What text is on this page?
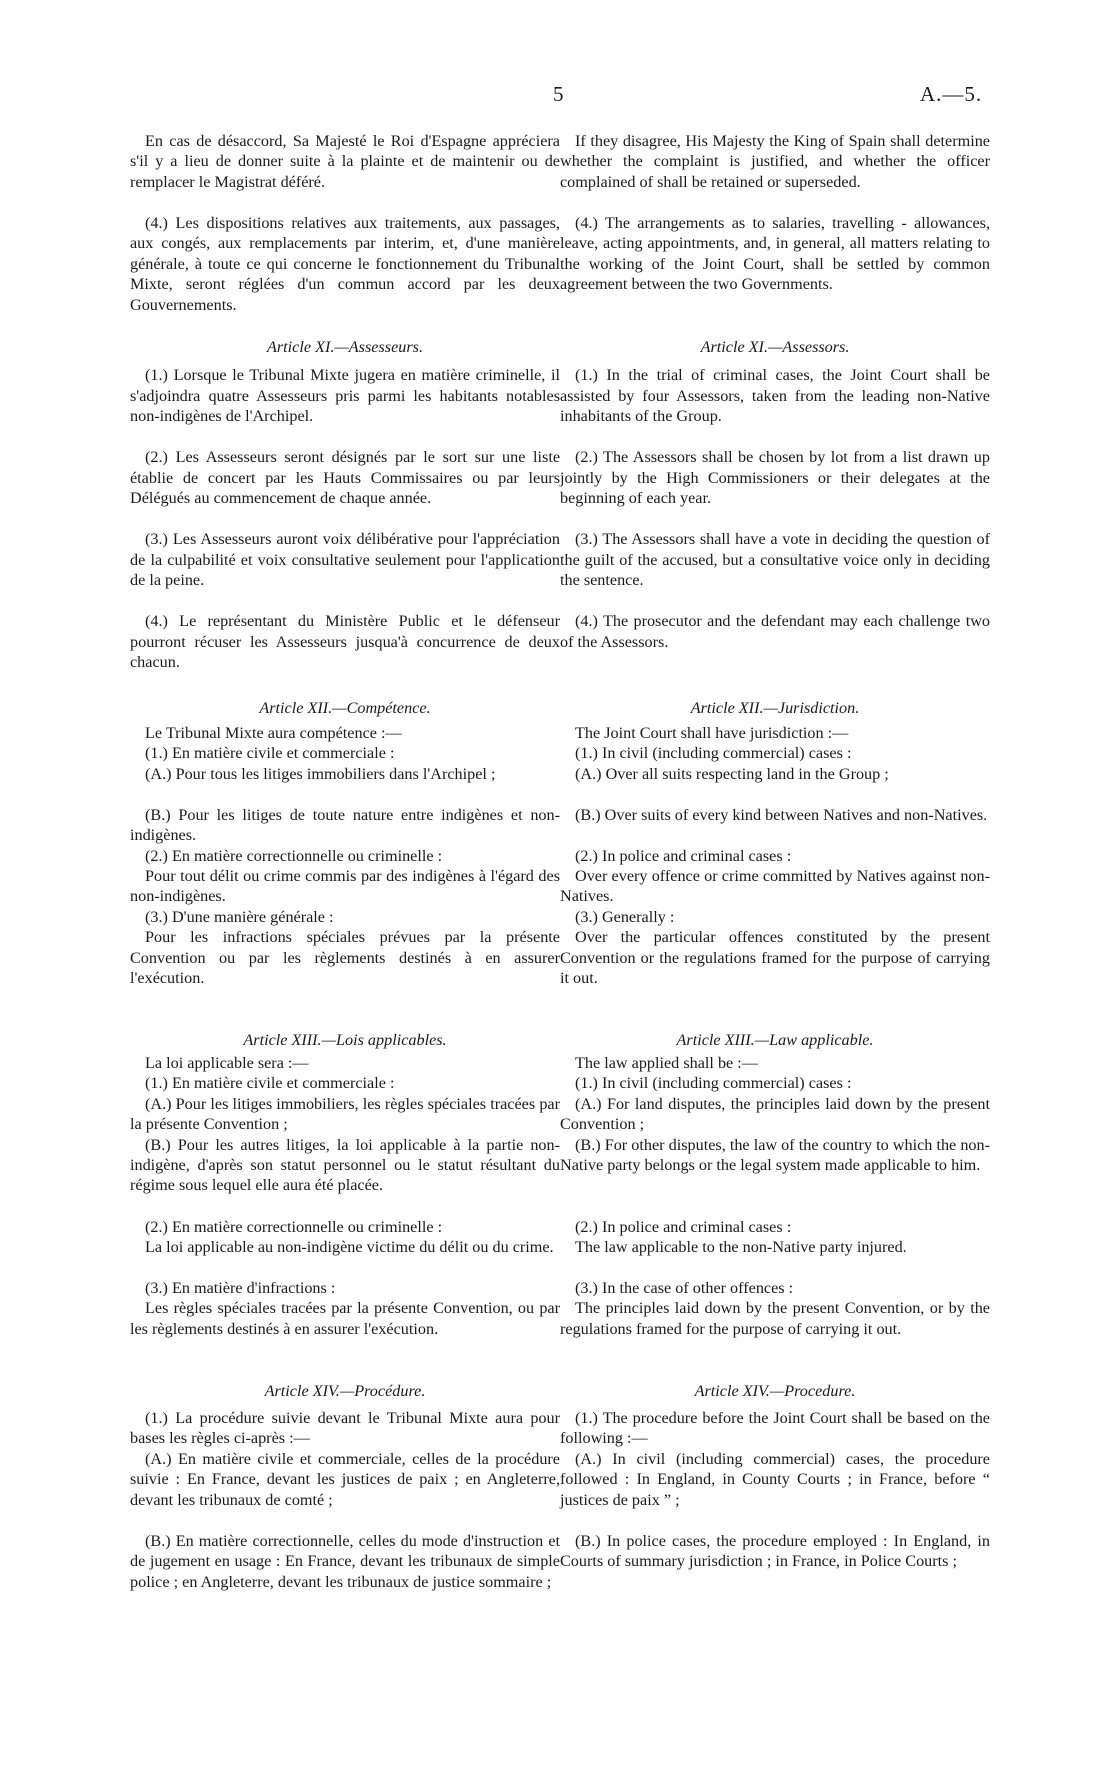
5	A.—5.

En cas de désaccord, Sa Majesté le Roi d'Espagne appréciera s'il y a lieu de donner suite à la plainte et de maintenir ou de remplacer le Magistrat déféré.

(4.) Les dispositions relatives aux traitements, aux passages, aux congés, aux remplacements par interim, et, d'une manière générale, à toute ce qui concerne le fonctionnement du Tribunal Mixte, seront réglées d'un commun accord par les deux Gouvernements.

Article XI.—Assesseurs.

(1.) Lorsque le Tribunal Mixte jugera en matière criminelle, il s'adjoindra quatre Assesseurs pris parmi les habitants notables non-indigènes de l'Archipel.

(2.) Les Assesseurs seront désignés par le sort sur une liste établie de concert par les Hauts Commissaires ou par leurs Délégués au commencement de chaque année.

(3.) Les Assesseurs auront voix délibérative pour l'appréciation de la culpabilité et voix consultative seulement pour l'application de la peine.

(4.) Le représentant du Ministère Public et le défenseur pourront récuser les Assesseurs jusqua'à concurrence de deux chacun.

Article XII.—Compétence.

Le Tribunal Mixte aura compétence :—

(1.) En matière civile et commerciale :

(A.) Pour tous les litiges immobiliers dans l'Archipel ;

(B.) Pour les litiges de toute nature entre indigènes et non-indigènes.

(2.) En matière correctionnelle ou criminelle :

Pour tout délit ou crime commis par des indigènes à l'égard des non-indigènes.

(3.) D'une manière générale :

Pour les infractions spéciales prévues par la présente Convention ou par les règlements destinés à en assurer l'exécution.

Article XIII.—Lois applicables.

La loi applicable sera :—

(1.) En matière civile et commerciale :

(A.) Pour les litiges immobiliers, les règles spéciales tracées par la présente Convention ;

(B.) Pour les autres litiges, la loi applicable à la partie non-indigène, d'après son statut personnel ou le statut résultant du régime sous lequel elle aura été placée.

(2.) En matière correctionnelle ou criminelle :

La loi applicable au non-indigène victime du délit ou du crime.

(3.) En matière d'infractions :

Les règles spéciales tracées par la présente Convention, ou par les règlements destinés à en assurer l'exécution.

Article XIV.—Procédure.

(1.) La procédure suivie devant le Tribunal Mixte aura pour bases les règles ci-après :—

(A.) En matière civile et commerciale, celles de la procédure suivie : En France, devant les justices de paix ; en Angleterre, devant les tribunaux de comté ;

(B.) En matière correctionnelle, celles du mode d'instruction et de jugement en usage : En France, devant les tribunaux de simple police ; en Angleterre, devant les tribunaux de justice sommaire ;

If they disagree, His Majesty the King of Spain shall determine whether the complaint is justified, and whether the officer complained of shall be retained or superseded.

(4.) The arrangements as to salaries, travelling - allowances, leave, acting appointments, and, in general, all matters relating to the working of the Joint Court, shall be settled by common agreement between the two Governments.

Article XI.—Assessors.

(1.) In the trial of criminal cases, the Joint Court shall be assisted by four Assessors, taken from the leading non-Native inhabitants of the Group.

(2.) The Assessors shall be chosen by lot from a list drawn up jointly by the High Commissioners or their delegates at the beginning of each year.

(3.) The Assessors shall have a vote in deciding the question of the guilt of the accused, but a consultative voice only in deciding the sentence.

(4.) The prosecutor and the defendant may each challenge two of the Assessors.

Article XII.—Jurisdiction.

The Joint Court shall have jurisdiction :—

(1.) In civil (including commercial) cases :

(A.) Over all suits respecting land in the Group ;

(B.) Over suits of every kind between Natives and non-Natives.

(2.) In police and criminal cases :

Over every offence or crime committed by Natives against non-Natives.

(3.) Generally :

Over the particular offences constituted by the present Convention or the regulations framed for the purpose of carrying it out.

Article XIII.—Law applicable.

The law applied shall be :—

(1.) In civil (including commercial) cases :

(A.) For land disputes, the principles laid down by the present Convention ;

(B.) For other disputes, the law of the country to which the non-Native party belongs or the legal system made applicable to him.

(2.) In police and criminal cases :

The law applicable to the non-Native party injured.

(3.) In the case of other offences :

The principles laid down by the present Convention, or by the regulations framed for the purpose of carrying it out.

Article XIV.—Procedure.

(1.) The procedure before the Joint Court shall be based on the following :—

(A.) In civil (including commercial) cases, the procedure followed : In England, in County Courts ; in France, before “ justices de paix ” ;

(B.) In police cases, the procedure employed : In England, in Courts of summary jurisdiction ; in France, in Police Courts ;
